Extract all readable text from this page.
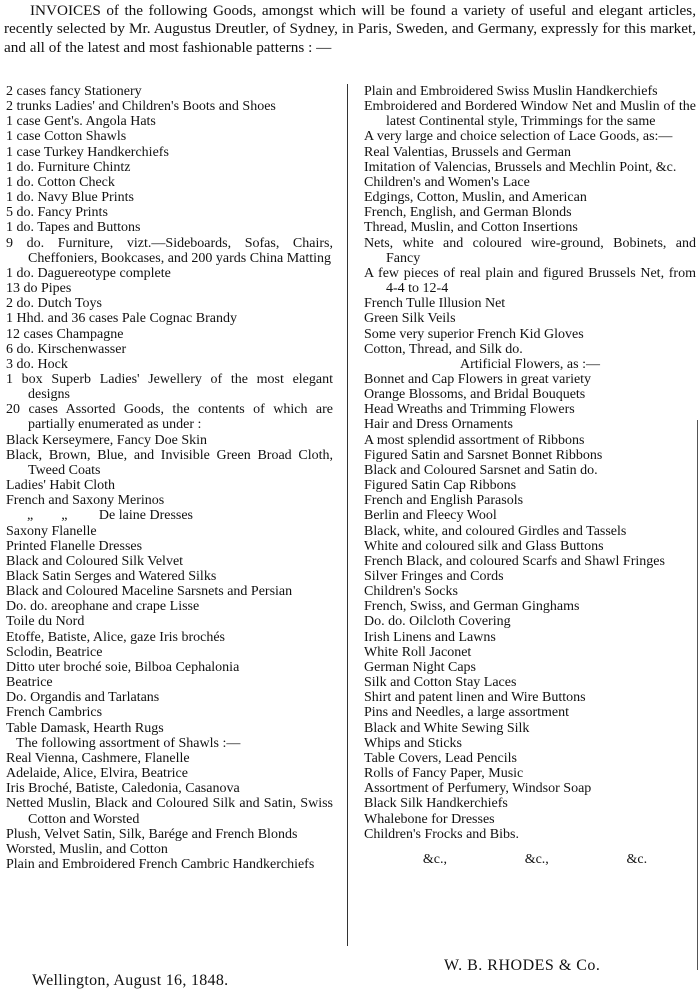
INVOICES of the following Goods, amongst which will be found a variety of useful and elegant articles, recently selected by Mr. Augustus Dreutler, of Sydney, in Paris, Sweden, and Germany, expressly for this market, and all of the latest and most fashionable patterns : —

2 cases fancy Stationery
2 trunks Ladies' and Children's Boots and Shoes
1 case Gent's. Angola Hats
1 case Cotton Shawls
1 case Turkey Handkerchiefs
1 do. Furniture Chintz
1 do. Cotton Check
1 do. Navy Blue Prints
5 do. Fancy Prints
1 do. Tapes and Buttons
9 do. Furniture, vizt.—Sideboards, Sofas, Chairs, Cheffoniers, Bookcases, and 200 yards China Matting
1 do. Daguereotype complete
13 do Pipes
2 do. Dutch Toys
1 Hhd. and 36 cases Pale Cognac Brandy
12 cases Champagne
6 do. Kirschenwasser
3 do. Hock
1 box Superb Ladies' Jewellery of the most elegant designs
20 cases Assorted Goods, the contents of which are partially enumerated as under :
Black Kerseymere, Fancy Doe Skin
Black, Brown, Blue, and Invisible Green Broad Cloth, Tweed Coats
Ladies' Habit Cloth
French and Saxony Merinos
„        „         De laine Dresses
Saxony Flanelle
Printed Flanelle Dresses
Black and Coloured Silk Velvet
Black Satin Serges and Watered Silks
Black and Coloured Maceline Sarsnets and Persian
Do. do. areophane and crape Lisse
Toile du Nord
Etoffe, Batiste, Alice, gaze Iris brochés
Sclodin, Beatrice
Ditto uter broché soie, Bilboa Cephalonia
Beatrice
Do. Organdis and Tarlatans
French Cambrics
Table Damask, Hearth Rugs
The following assortment of Shawls :—
Real Vienna, Cashmere, Flanelle
Adelaide, Alice, Elvira, Beatrice
Iris Broché, Batiste, Caledonia, Casanova
Netted Muslin, Black and Coloured Silk and Satin, Swiss Cotton and Worsted
Plush, Velvet Satin, Silk, Barége and French Blonds
Worsted, Muslin, and Cotton
Plain and Embroidered French Cambric Handkerchiefs
Plain and Embroidered Swiss Muslin Handkerchiefs
Embroidered and Bordered Window Net and Muslin of the latest Continental style, Trimmings for the same
A very large and choice selection of Lace Goods, as:—
Real Valentias, Brussels and German
Imitation of Valencias, Brussels and Mechlin Point, &c.
Children's and Women's Lace
Edgings, Cotton, Muslin, and American
French, English, and German Blonds
Thread, Muslin, and Cotton Insertions
Nets, white and coloured wire-ground, Bobinets, and Fancy
A few pieces of real plain and figured Brussels Net, from 4-4 to 12-4
French Tulle Illusion Net
Green Silk Veils
Some very superior French Kid Gloves
Cotton, Thread, and Silk do.
Artificial Flowers, as :—
Bonnet and Cap Flowers in great variety
Orange Blossoms, and Bridal Bouquets
Head Wreaths and Trimming Flowers
Hair and Dress Ornaments
A most splendid assortment of Ribbons
Figured Satin and Sarsnet Bonnet Ribbons
Black and Coloured Sarsnet and Satin do.
Figured Satin Cap Ribbons
French and English Parasols
Berlin and Fleecy Wool
Black, white, and coloured Girdles and Tassels
White and coloured silk and Glass Buttons
French Black, and coloured Scarfs and Shawl Fringes
Silver Fringes and Cords
Children's Socks
French, Swiss, and German Ginghams
Do. do. Oilcloth Covering
Irish Linens and Lawns
White Roll Jaconet
German Night Caps
Silk and Cotton Stay Laces
Shirt and patent linen and Wire Buttons
Pins and Needles, a large assortment
Black and White Sewing Silk
Whips and Sticks
Table Covers, Lead Pencils
Rolls of Fancy Paper, Music
Assortment of Perfumery, Windsor Soap
Black Silk Handkerchiefs
Whalebone for Dresses
Children's Frocks and Bibs.
&c.,	&c.,	&c.
W. B. RHODES & Co.
Wellington, August 16, 1848.
